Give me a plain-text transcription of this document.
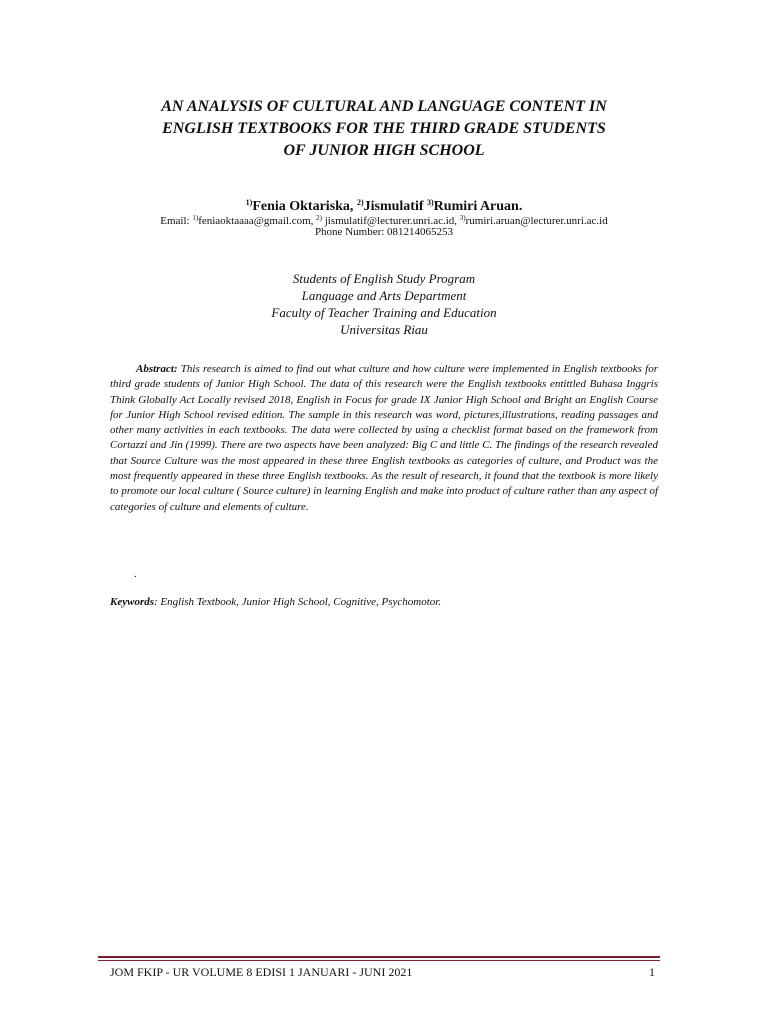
AN ANALYSIS OF CULTURAL AND LANGUAGE CONTENT IN
ENGLISH TEXTBOOKS FOR THE THIRD GRADE STUDENTS
OF JUNIOR HIGH SCHOOL
$^{1)}$Fenia Oktariska, $^{2)}$Jismulatif $^{3)}$Rumiri Aruan.
Email: $^{1)}$feniaoktaaaa@gmail.com, $^{2)}$ jismulatif@lecturer.unri.ac.id, $^{3)}$rumiri.aruan@lecturer.unri.ac.id
Phone Number: 081214065253
Students of English Study Program
Language and Arts Department
Faculty of Teacher Training and Education
Universitas Riau

Abstract: This research is aimed to find out what culture and how culture were implemented in English textbooks for third grade students of Junior High School. The data of this research were the English textbooks entittled Buhasa Inggris Think Globally Act Locally revised 2018, English in Focus for grade IX Junior High School and Bright an English Course for Junior High School revised edition. The sample in this research was word, pictures,illustrations, reading passages and other many activities in each textbooks. The data were collected by using a checklist format based on the framework from Cortazzi and Jin (1999). There are two aspects have been analyzed: Big C and little C. The findings of the research revealed that Source Culture was the most appeared in these three English textbooks as categories of culture, and Product was the most frequently appeared in these three English textbooks. As the result of research, it found that the textbook is more likely to promote our local culture ( Source culture) in learning English and make into product of culture rather than any aspect of categories of culture and elements of culture.

.
Keywords: English Textbook, Junior High School, Cognitive, Psychomotor.
JOM FKIP - UR VOLUME 8 EDISI 1 JANUARI - JUNI 2021	1
